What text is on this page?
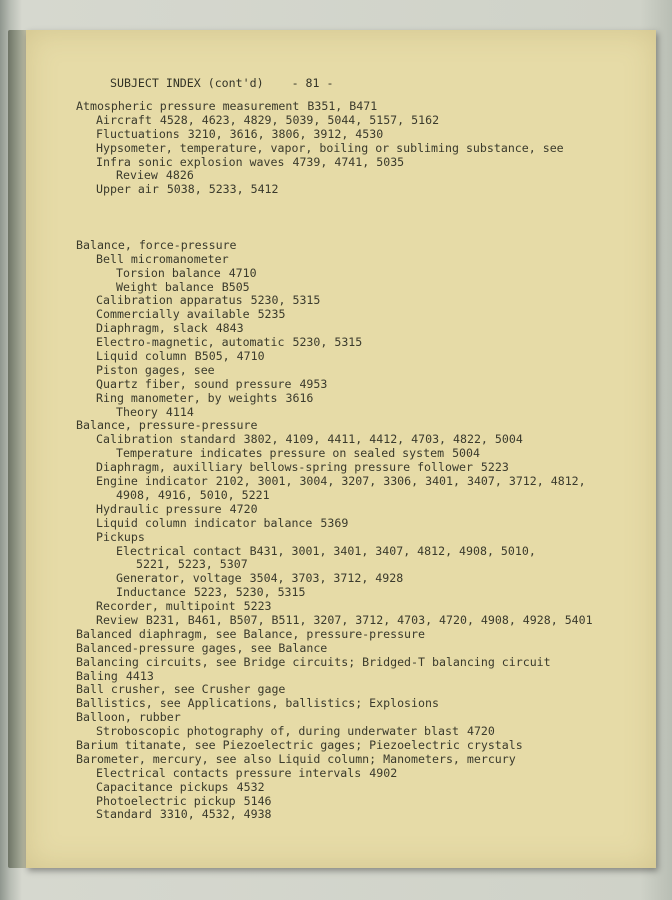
SUBJECT INDEX (cont'd) - 81 -
Atmospheric pressure measurement B351, B471
Aircraft 4528, 4623, 4829, 5039, 5044, 5157, 5162
Fluctuations 3210, 3616, 3806, 3912, 4530
Hypsometer, temperature, vapor, boiling or subliming substance, see
Infra sonic explosion waves 4739, 4741, 5035
Review 4826
Upper air 5038, 5233, 5412
Balance, force-pressure
Bell micromanometer
Torsion balance 4710
Weight balance B505
Calibration apparatus 5230, 5315
Commercially available 5235
Diaphragm, slack 4843
Electro-magnetic, automatic 5230, 5315
Liquid column B505, 4710
Piston gages, see
Quartz fiber, sound pressure 4953
Ring manometer, by weights 3616
Theory 4114
Balance, pressure-pressure
Calibration standard 3802, 4109, 4411, 4412, 4703, 4822, 5004
Temperature indicates pressure on sealed system 5004
Diaphragm, auxilliary bellows-spring pressure follower 5223
Engine indicator 2102, 3001, 3004, 3207, 3306, 3401, 3407, 3712, 4812,
4908, 4916, 5010, 5221
Hydraulic pressure 4720
Liquid column indicator balance 5369
Pickups
Electrical contact B431, 3001, 3401, 3407, 4812, 4908, 5010,
5221, 5223, 5307
Generator, voltage 3504, 3703, 3712, 4928
Inductance 5223, 5230, 5315
Recorder, multipoint 5223
Review B231, B461, B507, B511, 3207, 3712, 4703, 4720, 4908, 4928, 5401
Balanced diaphragm, see Balance, pressure-pressure
Balanced-pressure gages, see Balance
Balancing circuits, see Bridge circuits; Bridged-T balancing circuit
Baling 4413
Ball crusher, see Crusher gage
Ballistics, see Applications, ballistics; Explosions
Balloon, rubber
Stroboscopic photography of, during underwater blast 4720
Barium titanate, see Piezoelectric gages; Piezoelectric crystals
Barometer, mercury, see also Liquid column; Manometers, mercury
Electrical contacts pressure intervals 4902
Capacitance pickups 4532
Photoelectric pickup 5146
Standard 3310, 4532, 4938
